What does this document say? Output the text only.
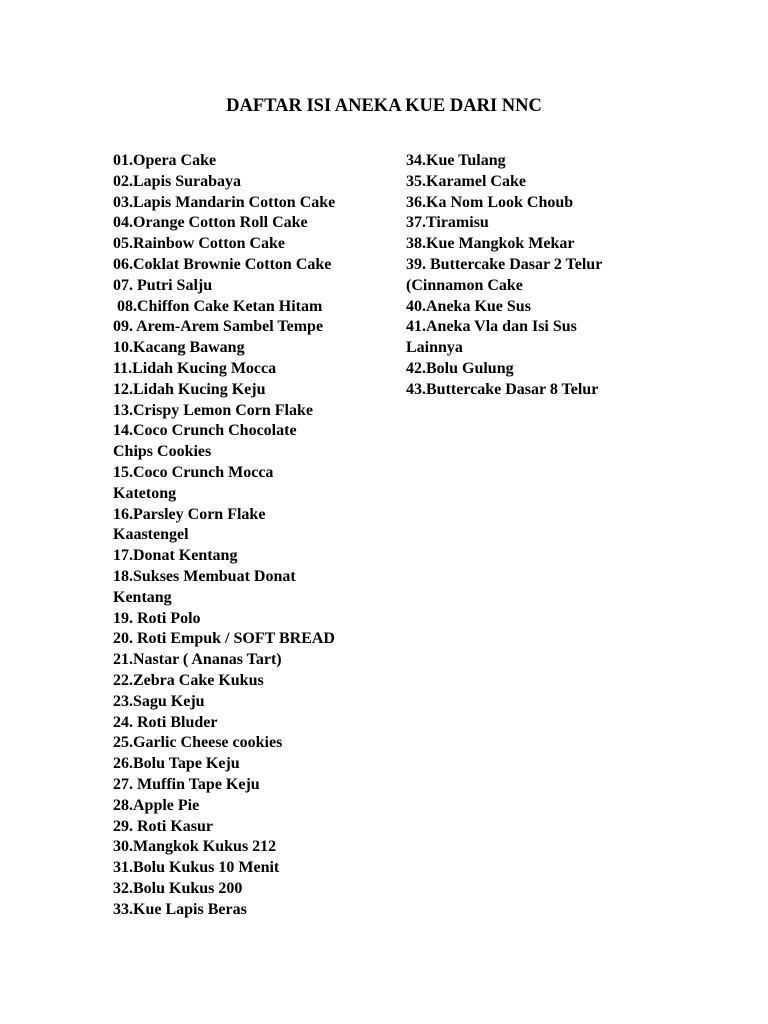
DAFTAR ISI ANEKA KUE DARI NNC
01.Opera Cake
02.Lapis Surabaya
03.Lapis Mandarin Cotton Cake
04.Orange Cotton Roll Cake
05.Rainbow Cotton Cake
06.Coklat Brownie Cotton Cake
07. Putri Salju
08.Chiffon Cake Ketan Hitam
09. Arem-Arem Sambel Tempe
10.Kacang Bawang
11.Lidah Kucing Mocca
12.Lidah Kucing Keju
13.Crispy Lemon Corn Flake
14.Coco Crunch Chocolate
Chips Cookies
15.Coco Crunch Mocca
Katetong
16.Parsley Corn Flake
Kaastengel
17.Donat Kentang
18.Sukses Membuat Donat
Kentang
19. Roti Polo
20. Roti Empuk / SOFT BREAD
21.Nastar ( Ananas Tart)
22.Zebra Cake Kukus
23.Sagu Keju
24. Roti Bluder
25.Garlic Cheese cookies
26.Bolu Tape Keju
27. Muffin Tape Keju
28.Apple Pie
29. Roti Kasur
30.Mangkok Kukus 212
31.Bolu Kukus 10 Menit
32.Bolu Kukus 200
33.Kue Lapis Beras
34.Kue Tulang
35.Karamel Cake
36.Ka Nom Look Choub
37.Tiramisu
38.Kue Mangkok Mekar
39. Buttercake Dasar 2 Telur
(Cinnamon Cake
40.Aneka Kue Sus
41.Aneka Vla dan Isi Sus
Lainnya
42.Bolu Gulung
43.Buttercake Dasar 8 Telur
